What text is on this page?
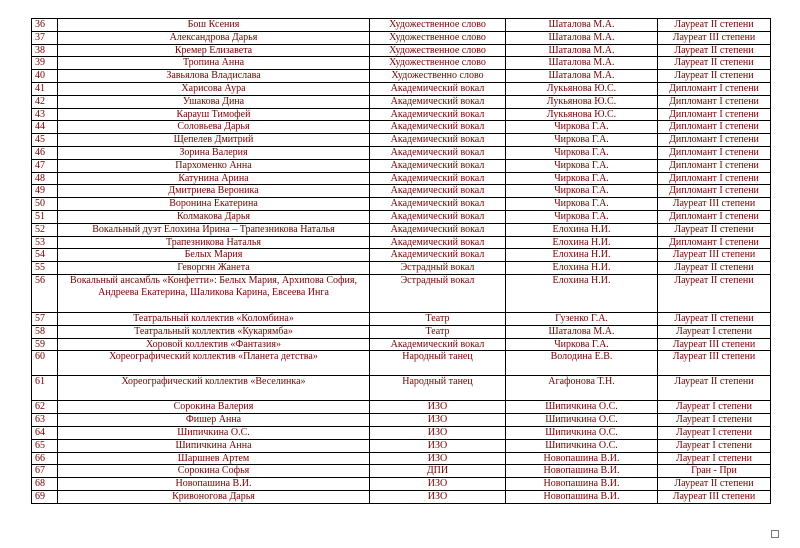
36	Бош Ксения	Художественное слово	Шаталова М.А.	Лауреат II степени
37	Александрова Дарья	Художественное слово	Шаталова М.А.	Лауреат III степени
38	Кремер Елизавета	Художественное слово	Шаталова М.А.	Лауреат II степени
39	Тропина Анна	Художественное слово	Шаталова М.А.	Лауреат II степени
40	Завьялова Владислава	Художественно слово	Шаталова М.А.	Лауреат II степени
41	Харисова Аура	Академический вокал	Лукьянова Ю.С.	Дипломант I степени
42	Ушакова Дина	Академический вокал	Лукьянова Ю.С.	Дипломант I степени
43	Карауш Тимофей	Академический вокал	Лукьянова Ю.С.	Дипломант I степени
44	Соловьева Дарья	Академический вокал	Чиркова Г.А.	Дипломант I степени
45	Щепелев Дмитрий	Академический вокал	Чиркова Г.А.	Дипломант I степени
46	Зорина Валерия	Академический вокал	Чиркова Г.А.	Дипломант I степени
47	Пархоменко Анна	Академический вокал	Чиркова Г.А.	Дипломант I степени
48	Катунина Арина	Академический вокал	Чиркова Г.А.	Дипломант I степени
49	Дмитриева Вероника	Академический вокал	Чиркова Г.А.	Дипломант I степени
50	Воронина Екатерина	Академический вокал	Чиркова Г.А.	Лауреат III степени
51	Колмакова Дарья	Академический вокал	Чиркова Г.А.	Дипломант I степени
52	Вокальный дуэт Елохина Ирина – Трапезникова Наталья	Академический вокал	Елохина Н.И.	Лауреат II степени
53	Трапезникова Наталья	Академический вокал	Елохина Н.И.	Дипломант I степени
54	Белых Мария	Академический вокал	Елохина Н.И.	Лауреат III степени
55	Геворгян Жанета	Эстрадный вокал	Елохина Н.И.	Лауреат II степени
56	Вокальный ансамбль «Конфетти»: Белых Мария, Архипова София, Андреева Екатерина, Шаликова Карина, Евсеева Инга	Эстрадный вокал	Елохина Н.И.	Лауреат II степени
57	Театральный коллектив «Коломбина»	Театр	Гузенко Г.А.	Лауреат II степени
58	Театральный коллектив «Кукарямба»	Театр	Шаталова М.А.	Лауреат I степени
59	Хоровой коллектив «Фантазия»	Академический вокал	Чиркова Г.А.	Лауреат III степени
60	Хореографический коллектив «Планета детства»	Народный танец	Володина Е.В.	Лауреат III степени
61	Хореографический коллектив «Веселинка»	Народный танец	Агафонова Т.Н.	Лауреат II степени
62	Сорокина Валерия	ИЗО	Шипичкина О.С.	Лауреат I степени
63	Фишер Анна	ИЗО	Шипичкина О.С.	Лауреат I степени
64	Шипичкина О.С.	ИЗО	Шипичкина О.С.	Лауреат I степени
65	Шипичкина Анна	ИЗО	Шипичкина О.С.	Лауреат I степени
66	Шаршнев Артем	ИЗО	Новопашина В.И.	Лауреат I степени
67	Сорокина Софья	ДПИ	Новопашина В.И.	Гран - При
68	Новопашина В.И.	ИЗО	Новопашина В.И.	Лауреат II степени
69	Кривоногова Дарья	ИЗО	Новопашина В.И.	Лауреат III степени
